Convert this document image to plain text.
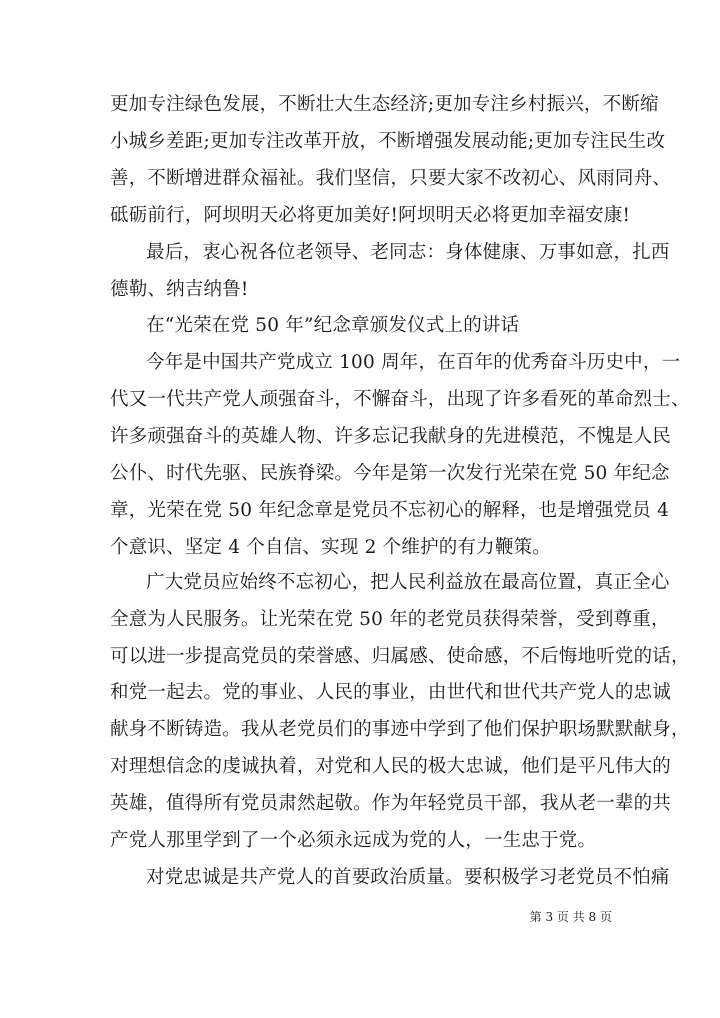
更加专注绿色发展，不断壮大生态经济;更加专注乡村振兴，不断缩
小城乡差距;更加专注改革开放，不断增强发展动能;更加专注民生改
善，不断增进群众福祉。我们坚信，只要大家不改初心、风雨同舟、
砥砺前行，阿坝明天必将更加美好!阿坝明天必将更加幸福安康!
最后，衷心祝各位老领导、老同志：身体健康、万事如意，扎西
德勒、纳吉纳鲁!
在“光荣在党 50 年”纪念章颁发仪式上的讲话
今年是中国共产党成立 100 周年，在百年的优秀奋斗历史中，一
代又一代共产党人顽强奋斗，不懈奋斗，出现了许多看死的革命烈士、
许多顽强奋斗的英雄人物、许多忘记我献身的先进模范，不愧是人民
公仆、时代先驱、民族脊梁。今年是第一次发行光荣在党 50 年纪念
章，光荣在党 50 年纪念章是党员不忘初心的解释，也是增强党员 4
个意识、坚定 4 个自信、实现 2 个维护的有力鞭策。
广大党员应始终不忘初心，把人民利益放在最高位置，真正全心
全意为人民服务。让光荣在党 50 年的老党员获得荣誉，受到尊重，
可以进一步提高党员的荣誉感、归属感、使命感，不后悔地听党的话，
和党一起去。党的事业、人民的事业，由世代和世代共产党人的忠诚
献身不断铸造。我从老党员们的事迹中学到了他们保护职场默默献身，
对理想信念的虔诚执着，对党和人民的极大忠诚，他们是平凡伟大的
英雄，值得所有党员肃然起敬。作为年轻党员干部，我从老一辈的共
产党人那里学到了一个必须永远成为党的人，一生忠于党。
对党忠诚是共产党人的首要政治质量。要积极学习老党员不怕痛
第 3 页 共 8 页
